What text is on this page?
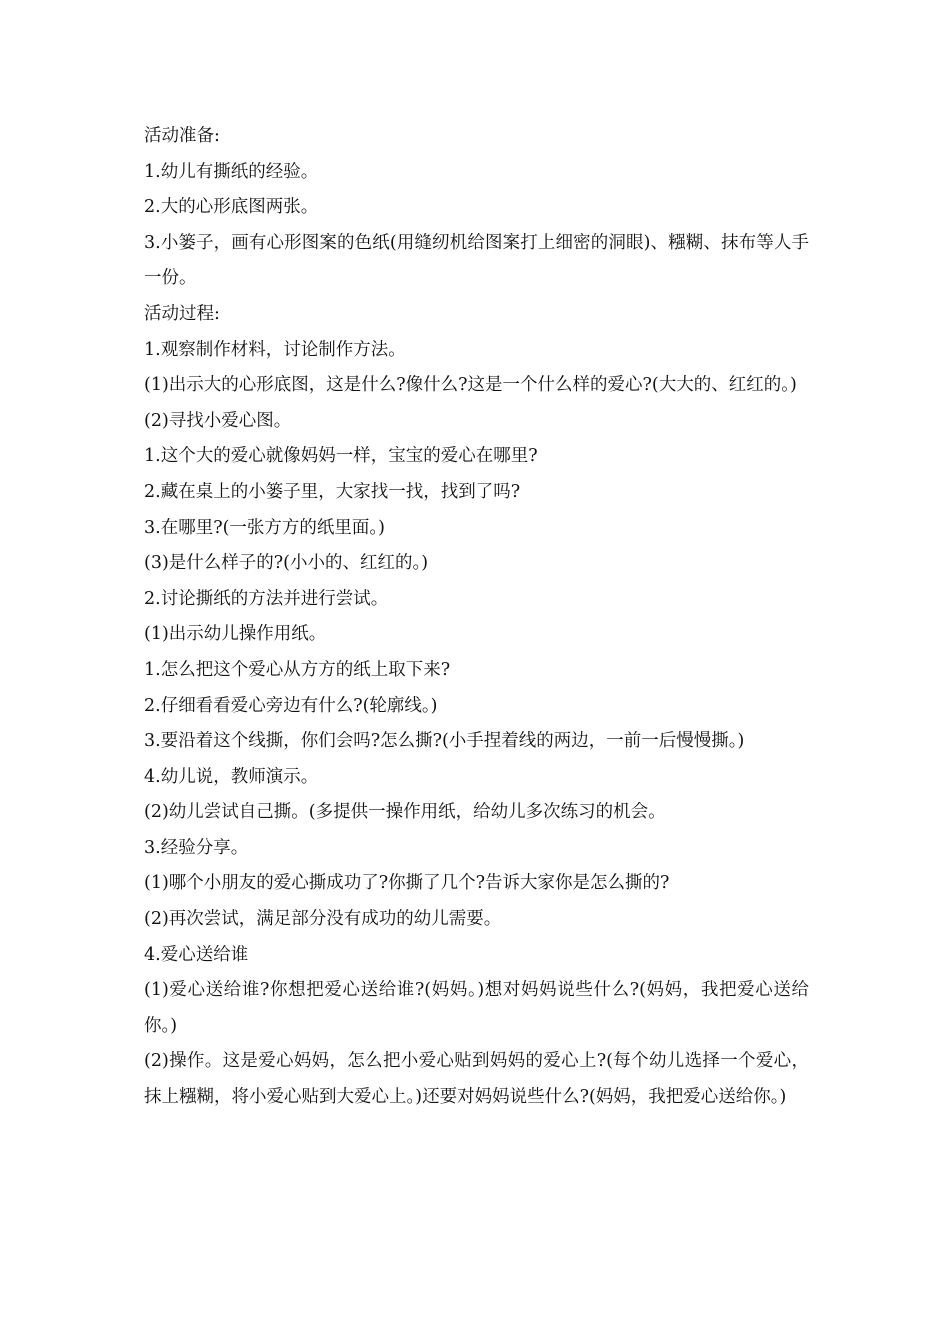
活动准备:
1.幼儿有撕纸的经验。
2.大的心形底图两张。
3.小篓子，画有心形图案的色纸(用缝纫机给图案打上细密的洞眼)、糨糊、抹布等人手一份。
活动过程:
1.观察制作材料，讨论制作方法。
(1)出示大的心形底图，这是什么?像什么?这是一个什么样的爱心?(大大的、红红的。)
(2)寻找小爱心图。
1.这个大的爱心就像妈妈一样，宝宝的爱心在哪里?
2.藏在桌上的小篓子里，大家找一找，找到了吗?
3.在哪里?(一张方方的纸里面。)
(3)是什么样子的?(小小的、红红的。)
2.讨论撕纸的方法并进行尝试。
(1)出示幼儿操作用纸。
1.怎么把这个爱心从方方的纸上取下来?
2.仔细看看爱心旁边有什么?(轮廓线。)
3.要沿着这个线撕，你们会吗?怎么撕?(小手捏着线的两边，一前一后慢慢撕。)
4.幼儿说，教师演示。
(2)幼儿尝试自己撕。(多提供一操作用纸，给幼儿多次练习的机会。
3.经验分享。
(1)哪个小朋友的爱心撕成功了?你撕了几个?告诉大家你是怎么撕的?
(2)再次尝试，满足部分没有成功的幼儿需要。
4.爱心送给谁
(1)爱心送给谁?你想把爱心送给谁?(妈妈。)想对妈妈说些什么?(妈妈，我把爱心送给你。)
(2)操作。这是爱心妈妈，怎么把小爱心贴到妈妈的爱心上?(每个幼儿选择一个爱心，抹上糨糊，将小爱心贴到大爱心上。)还要对妈妈说些什么?(妈妈，我把爱心送给你。)
